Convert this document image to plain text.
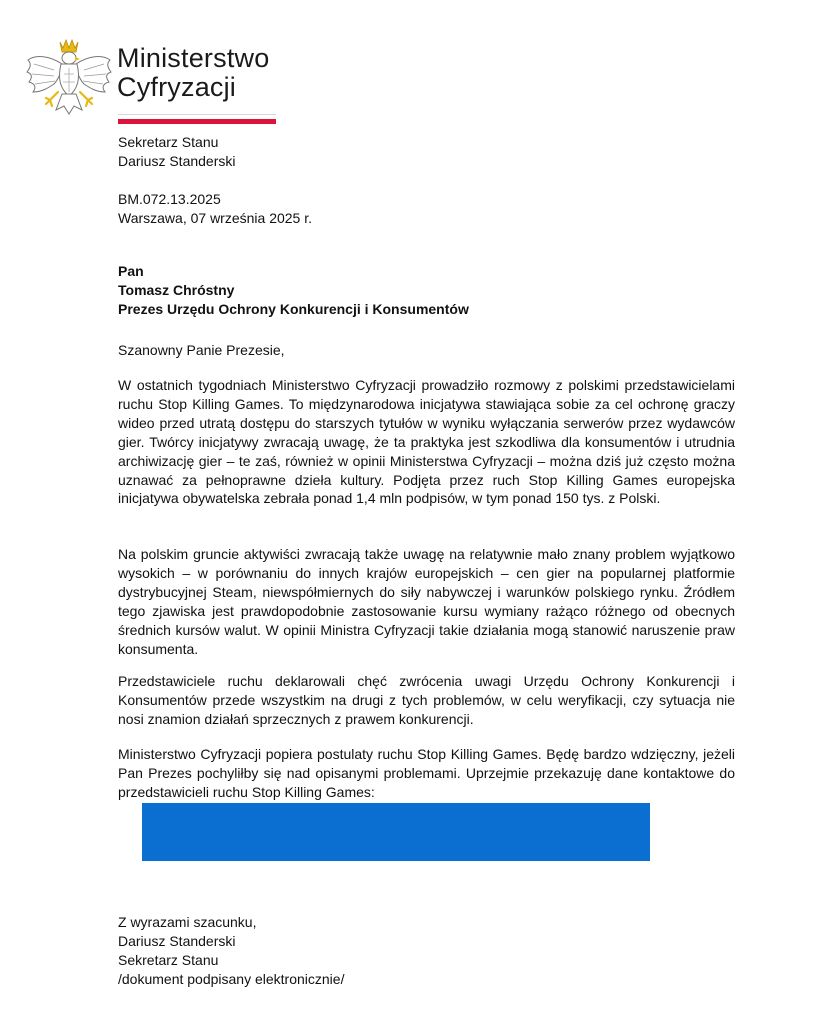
Ministerstwo
Cyfryzacji
Sekretarz Stanu
Dariusz Standerski
BM.072.13.2025
Warszawa, 07 września 2025 r.
Pan
Tomasz Chróstny
Prezes Urzędu Ochrony Konkurencji i Konsumentów
Szanowny Panie Prezesie,
W ostatnich tygodniach Ministerstwo Cyfryzacji prowadziło rozmowy z polskimi przedstawicielami ruchu Stop Killing Games. To międzynarodowa inicjatywa stawiająca sobie za cel ochronę graczy wideo przed utratą dostępu do starszych tytułów w wyniku wyłączania serwerów przez wydawców gier. Twórcy inicjatywy zwracają uwagę, że ta praktyka jest szkodliwa dla konsumentów i utrudnia archiwizację gier – te zaś, również w opinii Ministerstwa Cyfryzacji – można dziś już często można uznawać za pełnoprawne dzieła kultury. Podjęta przez ruch Stop Killing Games europejska inicjatywa obywatelska zebrała ponad 1,4 mln podpisów, w tym ponad 150 tys. z Polski.
Na polskim gruncie aktywiści zwracają także uwagę na relatywnie mało znany problem wyjątkowo wysokich – w porównaniu do innych krajów europejskich – cen gier na popularnej platformie dystrybucyjnej Steam, niewspółmiernych do siły nabywczej i warunków polskiego rynku. Źródłem tego zjawiska jest prawdopodobnie zastosowanie kursu wymiany rażąco różnego od obecnych średnich kursów walut. W opinii Ministra Cyfryzacji takie działania mogą stanowić naruszenie praw konsumenta.
Przedstawiciele ruchu deklarowali chęć zwrócenia uwagi Urzędu Ochrony Konkurencji i Konsumentów przede wszystkim na drugi z tych problemów, w celu weryfikacji, czy sytuacja nie nosi znamion działań sprzecznych z prawem konkurencji.
Ministerstwo Cyfryzacji popiera postulaty ruchu Stop Killing Games. Będę bardzo wdzięczny, jeżeli Pan Prezes pochyliłby się nad opisanymi problemami. Uprzejmie przekazuję dane kontaktowe do przedstawicieli ruchu Stop Killing Games:
Z wyrazami szacunku,
Dariusz Standerski
Sekretarz Stanu
/dokument podpisany elektronicznie/
